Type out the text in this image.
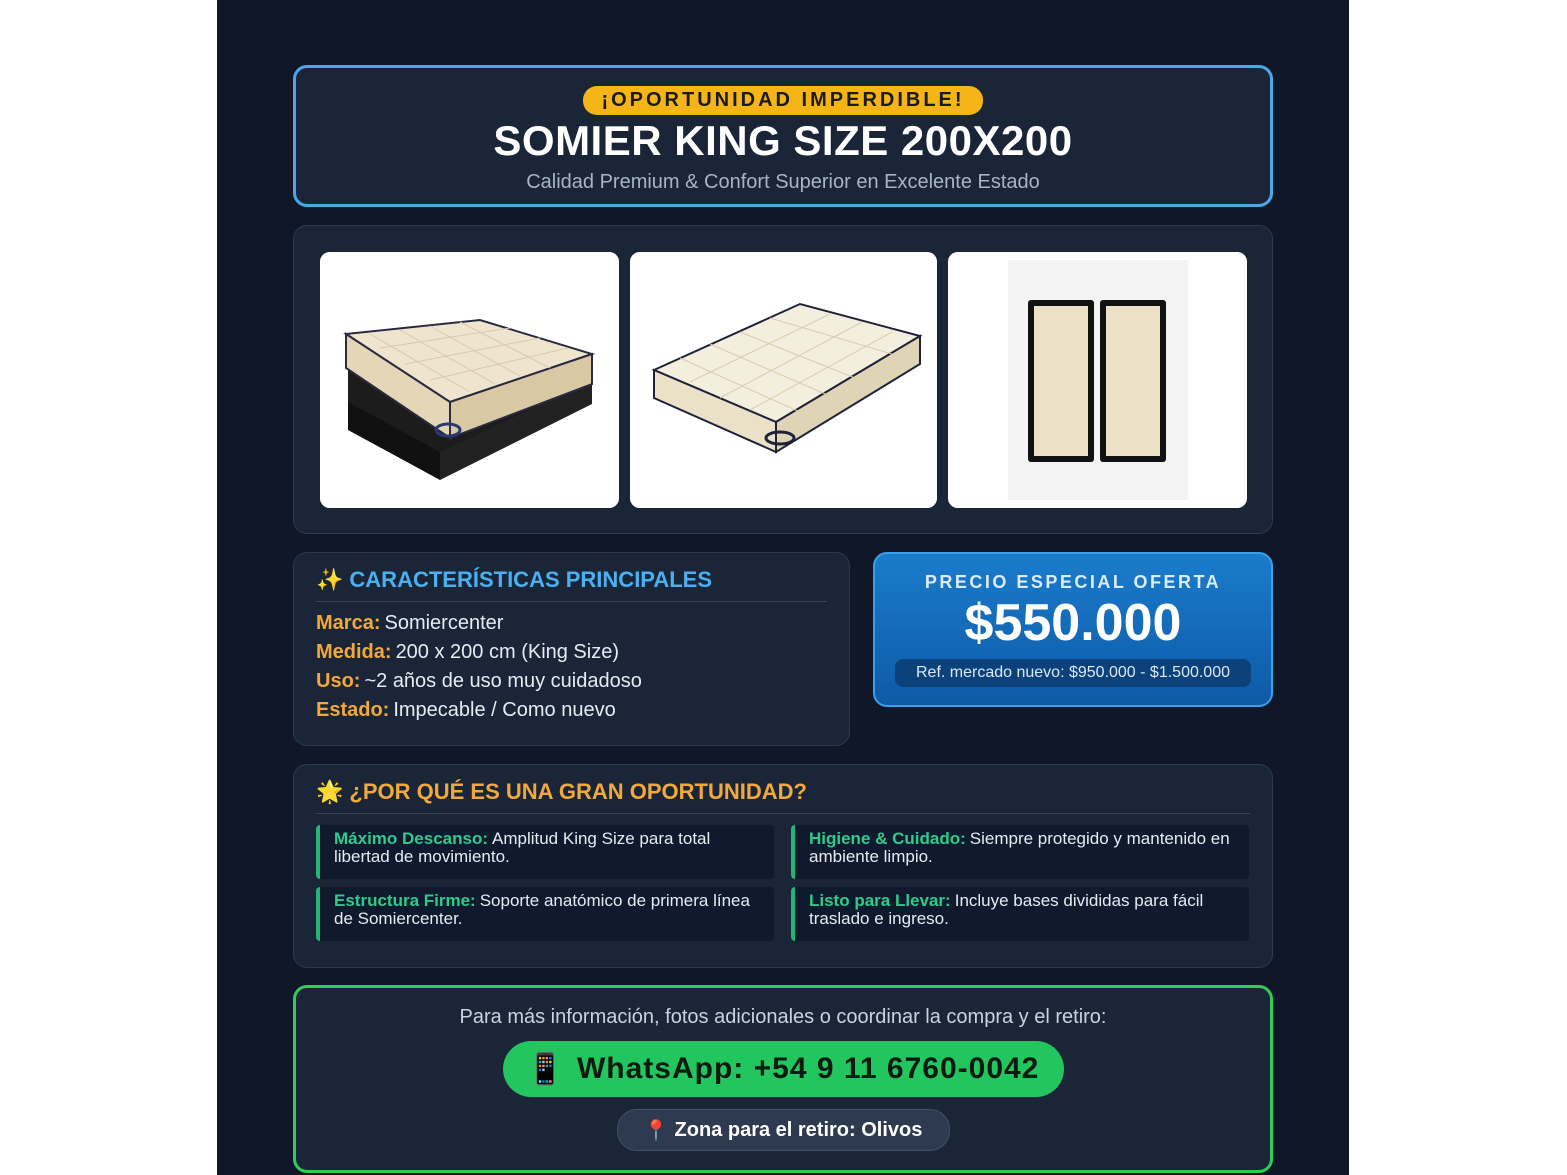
¡OPORTUNIDAD IMPERDIBLE!
SOMIER KING SIZE 200X200
Calidad Premium & Confort Superior en Excelente Estado
✨ CARACTERÍSTICAS PRINCIPALES
Marca: Somiercenter
Medida: 200 x 200 cm (King Size)
Uso: ~2 años de uso muy cuidadoso
Estado: Impecable / Como nuevo
PRECIO ESPECIAL OFERTA
$550.000
Ref. mercado nuevo: $950.000 - $1.500.000
🌟 ¿POR QUÉ ES UNA GRAN OPORTUNIDAD?
Máximo Descanso: Amplitud King Size para total libertad de movimiento.
Higiene & Cuidado: Siempre protegido y mantenido en ambiente limpio.
Estructura Firme: Soporte anatómico de primera línea de Somiercenter.
Listo para Llevar: Incluye bases divididas para fácil traslado e ingreso.
Para más información, fotos adicionales o coordinar la compra y el retiro:
📱 WhatsApp: +54 9 11 6760-0042

📍 Zona para el retiro: Olivos
